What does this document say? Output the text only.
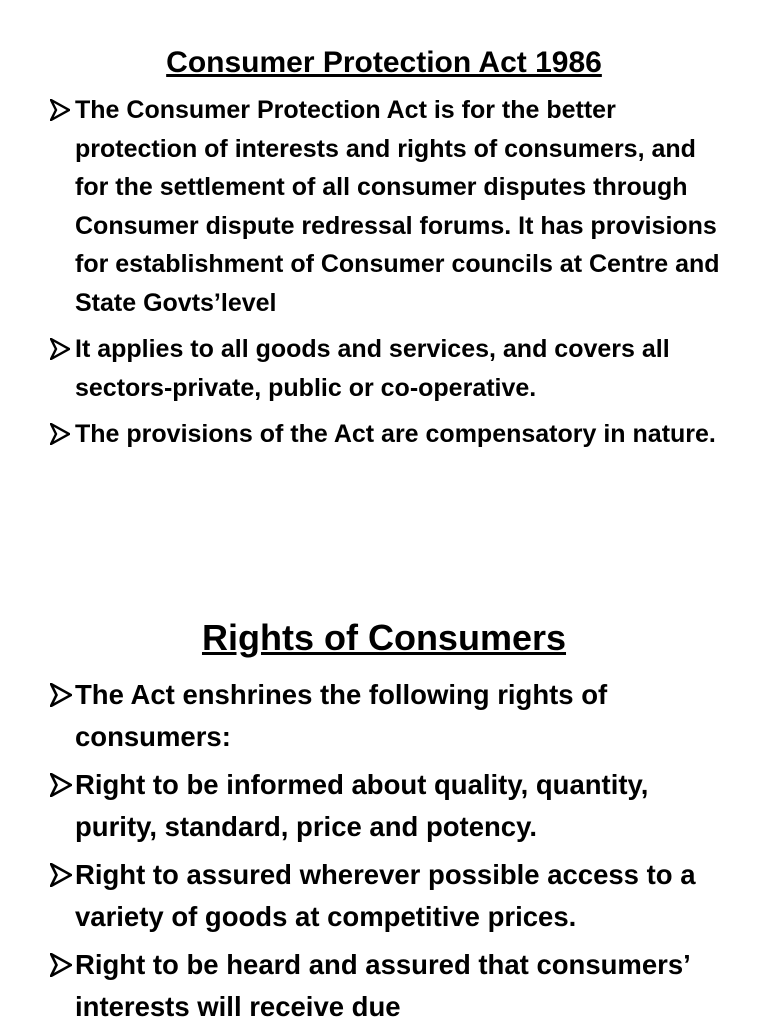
Consumer Protection Act 1986
The Consumer Protection Act is for the better protection of interests and rights of consumers, and for the settlement of all consumer disputes through Consumer dispute redressal forums. It has provisions for establishment of Consumer councils at Centre and State Govts’level
It applies to all goods and services, and covers all sectors-private, public or co-operative.
The provisions of the Act are compensatory in nature.
Rights of Consumers
The Act enshrines the following rights of consumers:
Right to be informed about quality, quantity, purity, standard, price and potency.
Right to assured wherever possible access to a variety of goods at competitive prices.
Right to be heard and assured that consumers’ interests will receive due
